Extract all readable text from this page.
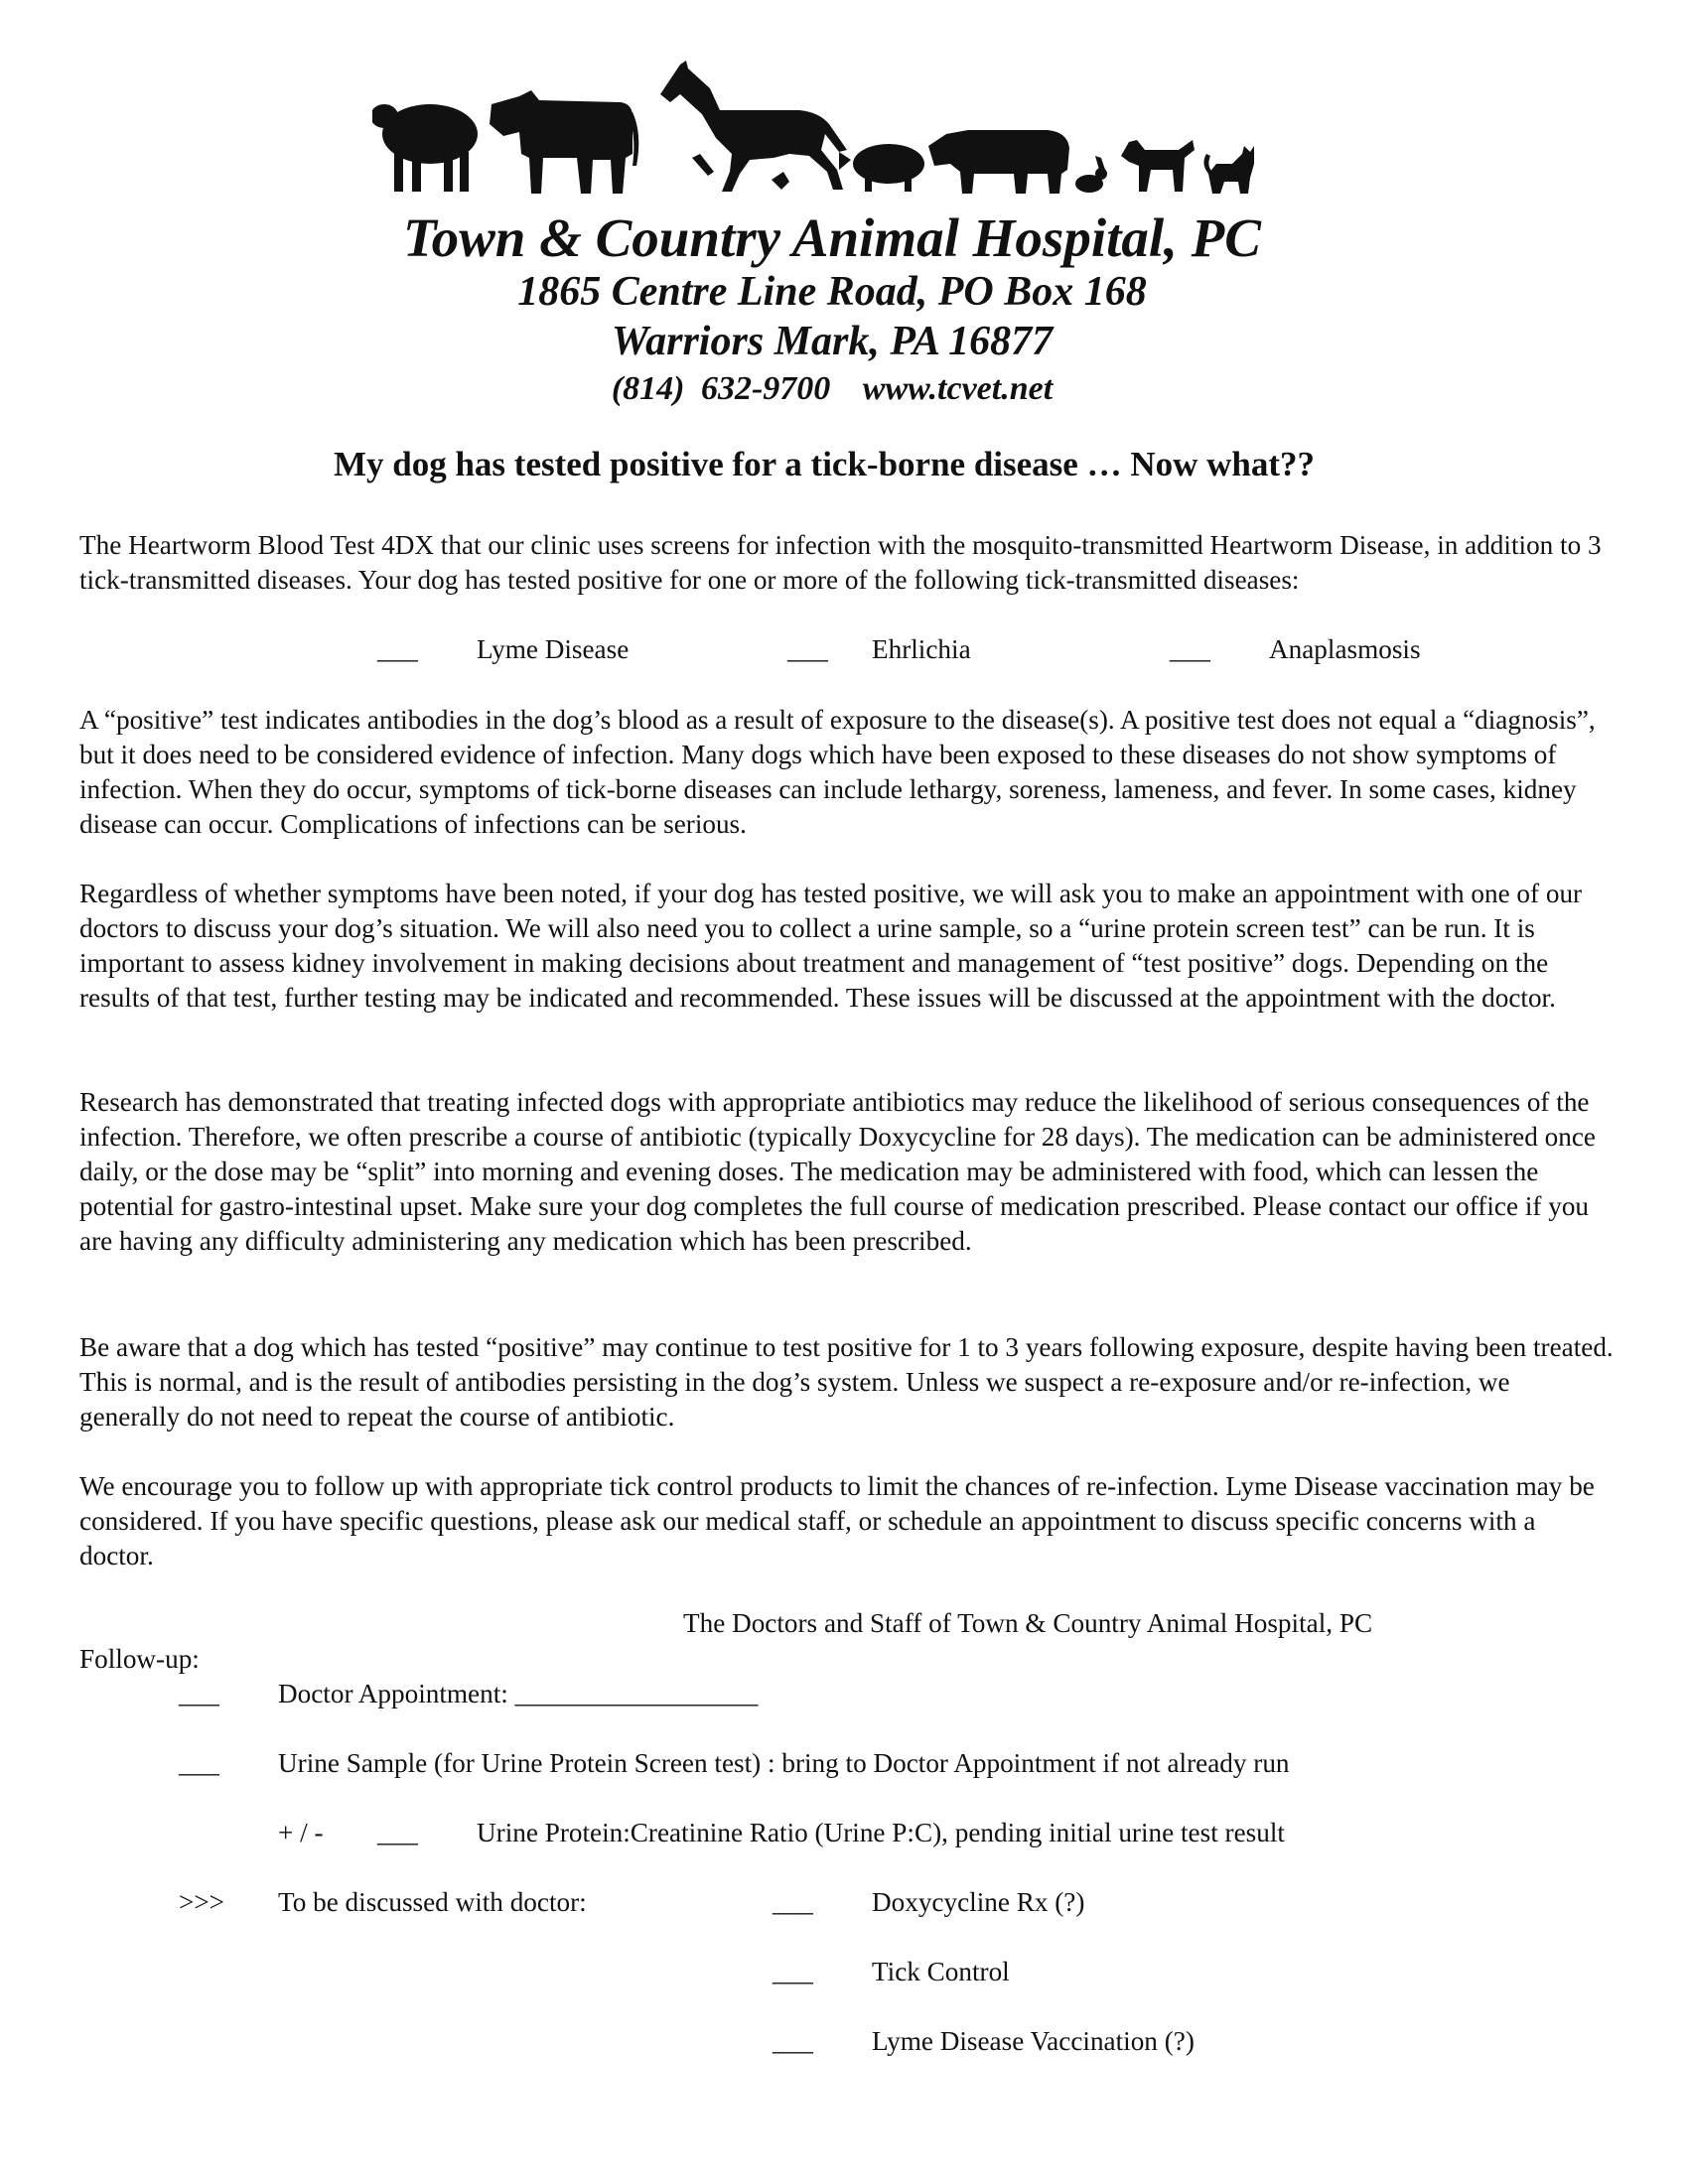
Town & Country Animal Hospital, PC
1865 Centre Line Road, PO Box 168
Warriors Mark, PA 16877
(814) 632-9700 www.tcvet.net
My dog has tested positive for a tick-borne disease … Now what??

The Heartworm Blood Test 4DX that our clinic uses screens for infection with the mosquito-transmitted Heartworm Disease, in addition to 3 tick-transmitted diseases. Your dog has tested positive for one or more of the following tick-transmitted diseases:

___ Lyme Disease	___ Ehrlichia	___ Anaplasmosis

A “positive” test indicates antibodies in the dog’s blood as a result of exposure to the disease(s). A positive test does not equal a “diagnosis”, but it does need to be considered evidence of infection. Many dogs which have been exposed to these diseases do not show symptoms of infection. When they do occur, symptoms of tick-borne diseases can include lethargy, soreness, lameness, and fever. In some cases, kidney disease can occur. Complications of infections can be serious.

Regardless of whether symptoms have been noted, if your dog has tested positive, we will ask you to make an appointment with one of our doctors to discuss your dog’s situation. We will also need you to collect a urine sample, so a “urine protein screen test” can be run. It is important to assess kidney involvement in making decisions about treatment and management of “test positive” dogs. Depending on the results of that test, further testing may be indicated and recommended. These issues will be discussed at the appointment with the doctor.

Research has demonstrated that treating infected dogs with appropriate antibiotics may reduce the likelihood of serious consequences of the infection. Therefore, we often prescribe a course of antibiotic (typically Doxycycline for 28 days). The medication can be administered once daily, or the dose may be “split” into morning and evening doses. The medication may be administered with food, which can lessen the potential for gastro-intestinal upset. Make sure your dog completes the full course of medication prescribed. Please contact our office if you are having any difficulty administering any medication which has been prescribed.

Be aware that a dog which has tested “positive” may continue to test positive for 1 to 3 years following exposure, despite having been treated. This is normal, and is the result of antibodies persisting in the dog’s system. Unless we suspect a re-exposure and/or re-infection, we generally do not need to repeat the course of antibiotic.

We encourage you to follow up with appropriate tick control products to limit the chances of re-infection. Lyme Disease vaccination may be considered. If you have specific questions, please ask our medical staff, or schedule an appointment to discuss specific concerns with a doctor.

The Doctors and Staff of Town & Country Animal Hospital, PC
Follow-up:
___ Doctor Appointment: __________________
___ Urine Sample (for Urine Protein Screen test) : bring to Doctor Appointment if not already run
+ / - ___ Urine Protein:Creatinine Ratio (Urine P:C), pending initial urine test result
>>> To be discussed with doctor:	___ Doxycycline Rx (?)
___ Tick Control
___ Lyme Disease Vaccination (?)
